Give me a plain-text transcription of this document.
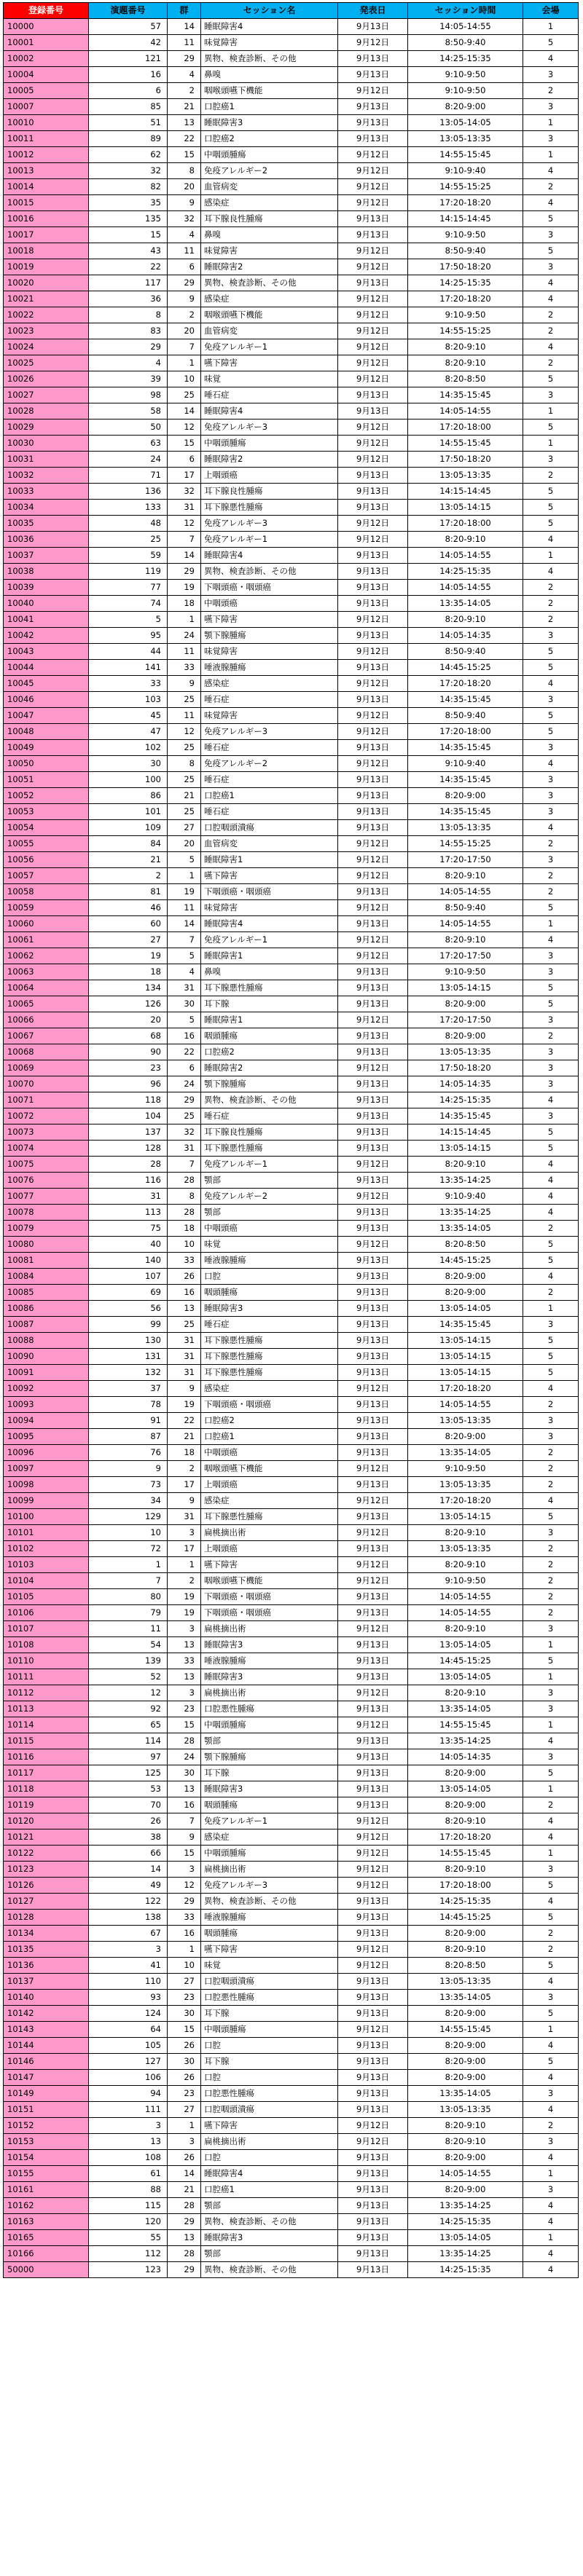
登録番号	演題番号	群	セッション名	発表日	セッション時間	会場
10000	57	14	睡眠障害4	9月13日	14:05-14:55	1
10001	42	11	味覚障害	9月12日	8:50-9:40	5
10002	121	29	異物、検査診断、その他	9月13日	14:25-15:35	4
10004	16	4	鼻嗅	9月13日	9:10-9:50	3
10005	6	2	咽喉頭嚥下機能	9月12日	9:10-9:50	2
10007	85	21	口腔癌1	9月13日	8:20-9:00	3
10010	51	13	睡眠障害3	9月13日	13:05-14:05	1
10011	89	22	口腔癌2	9月13日	13:05-13:35	3
10012	62	15	中咽頭腫瘍	9月12日	14:55-15:45	1
10013	32	8	免疫アレルギー2	9月12日	9:10-9:40	4
10014	82	20	血管病変	9月12日	14:55-15:25	2
10015	35	9	感染症	9月12日	17:20-18:20	4
10016	135	32	耳下腺良性腫瘍	9月13日	14:15-14:45	5
10017	15	4	鼻嗅	9月13日	9:10-9:50	3
10018	43	11	味覚障害	9月12日	8:50-9:40	5
10019	22	6	睡眠障害2	9月12日	17:50-18:20	3
10020	117	29	異物、検査診断、その他	9月13日	14:25-15:35	4
10021	36	9	感染症	9月12日	17:20-18:20	4
10022	8	2	咽喉頭嚥下機能	9月12日	9:10-9:50	2
10023	83	20	血管病変	9月12日	14:55-15:25	2
10024	29	7	免疫アレルギー1	9月12日	8:20-9:10	4
10025	4	1	嚥下障害	9月12日	8:20-9:10	2
10026	39	10	味覚	9月12日	8:20-8:50	5
10027	98	25	唾石症	9月13日	14:35-15:45	3
10028	58	14	睡眠障害4	9月13日	14:05-14:55	1
10029	50	12	免疫アレルギー3	9月12日	17:20-18:00	5
10030	63	15	中咽頭腫瘍	9月12日	14:55-15:45	1
10031	24	6	睡眠障害2	9月12日	17:50-18:20	3
10032	71	17	上咽頭癌	9月13日	13:05-13:35	2
10033	136	32	耳下腺良性腫瘍	9月13日	14:15-14:45	5
10034	133	31	耳下腺悪性腫瘍	9月13日	13:05-14:15	5
10035	48	12	免疫アレルギー3	9月12日	17:20-18:00	5
10036	25	7	免疫アレルギー1	9月12日	8:20-9:10	4
10037	59	14	睡眠障害4	9月13日	14:05-14:55	1
10038	119	29	異物、検査診断、その他	9月13日	14:25-15:35	4
10039	77	19	下咽頭癌・咽頭癌	9月13日	14:05-14:55	2
10040	74	18	中咽頭癌	9月13日	13:35-14:05	2
10041	5	1	嚥下障害	9月12日	8:20-9:10	2
10042	95	24	顎下腺腫瘍	9月13日	14:05-14:35	3
10043	44	11	味覚障害	9月12日	8:50-9:40	5
10044	141	33	唾液腺腫瘍	9月13日	14:45-15:25	5
10045	33	9	感染症	9月12日	17:20-18:20	4
10046	103	25	唾石症	9月13日	14:35-15:45	3
10047	45	11	味覚障害	9月12日	8:50-9:40	5
10048	47	12	免疫アレルギー3	9月12日	17:20-18:00	5
10049	102	25	唾石症	9月13日	14:35-15:45	3
10050	30	8	免疫アレルギー2	9月12日	9:10-9:40	4
10051	100	25	唾石症	9月13日	14:35-15:45	3
10052	86	21	口腔癌1	9月13日	8:20-9:00	3
10053	101	25	唾石症	9月13日	14:35-15:45	3
10054	109	27	口腔咽頭潰瘍	9月13日	13:05-13:35	4
10055	84	20	血管病変	9月12日	14:55-15:25	2
10056	21	5	睡眠障害1	9月12日	17:20-17:50	3
10057	2	1	嚥下障害	9月12日	8:20-9:10	2
10058	81	19	下咽頭癌・咽頭癌	9月13日	14:05-14:55	2
10059	46	11	味覚障害	9月12日	8:50-9:40	5
10060	60	14	睡眠障害4	9月13日	14:05-14:55	1
10061	27	7	免疫アレルギー1	9月12日	8:20-9:10	4
10062	19	5	睡眠障害1	9月12日	17:20-17:50	3
10063	18	4	鼻嗅	9月13日	9:10-9:50	3
10064	134	31	耳下腺悪性腫瘍	9月13日	13:05-14:15	5
10065	126	30	耳下腺	9月13日	8:20-9:00	5
10066	20	5	睡眠障害1	9月12日	17:20-17:50	3
10067	68	16	咽頭腫瘍	9月13日	8:20-9:00	2
10068	90	22	口腔癌2	9月13日	13:05-13:35	3
10069	23	6	睡眠障害2	9月12日	17:50-18:20	3
10070	96	24	顎下腺腫瘍	9月13日	14:05-14:35	3
10071	118	29	異物、検査診断、その他	9月13日	14:25-15:35	4
10072	104	25	唾石症	9月13日	14:35-15:45	3
10073	137	32	耳下腺良性腫瘍	9月13日	14:15-14:45	5
10074	128	31	耳下腺悪性腫瘍	9月13日	13:05-14:15	5
10075	28	7	免疫アレルギー1	9月12日	8:20-9:10	4
10076	116	28	顎部	9月13日	13:35-14:25	4
10077	31	8	免疫アレルギー2	9月12日	9:10-9:40	4
10078	113	28	顎部	9月13日	13:35-14:25	4
10079	75	18	中咽頭癌	9月13日	13:35-14:05	2
10080	40	10	味覚	9月12日	8:20-8:50	5
10081	140	33	唾液腺腫瘍	9月13日	14:45-15:25	5
10084	107	26	口腔	9月13日	8:20-9:00	4
10085	69	16	咽頭腫瘍	9月13日	8:20-9:00	2
10086	56	13	睡眠障害3	9月13日	13:05-14:05	1
10087	99	25	唾石症	9月13日	14:35-15:45	3
10088	130	31	耳下腺悪性腫瘍	9月13日	13:05-14:15	5
10090	131	31	耳下腺悪性腫瘍	9月13日	13:05-14:15	5
10091	132	31	耳下腺悪性腫瘍	9月13日	13:05-14:15	5
10092	37	9	感染症	9月12日	17:20-18:20	4
10093	78	19	下咽頭癌・咽頭癌	9月13日	14:05-14:55	2
10094	91	22	口腔癌2	9月13日	13:05-13:35	3
10095	87	21	口腔癌1	9月13日	8:20-9:00	3
10096	76	18	中咽頭癌	9月13日	13:35-14:05	2
10097	9	2	咽喉頭嚥下機能	9月12日	9:10-9:50	2
10098	73	17	上咽頭癌	9月13日	13:05-13:35	2
10099	34	9	感染症	9月12日	17:20-18:20	4
10100	129	31	耳下腺悪性腫瘍	9月13日	13:05-14:15	5
10101	10	3	扁桃摘出術	9月12日	8:20-9:10	3
10102	72	17	上咽頭癌	9月13日	13:05-13:35	2
10103	1	1	嚥下障害	9月12日	8:20-9:10	2
10104	7	2	咽喉頭嚥下機能	9月12日	9:10-9:50	2
10105	80	19	下咽頭癌・咽頭癌	9月13日	14:05-14:55	2
10106	79	19	下咽頭癌・咽頭癌	9月13日	14:05-14:55	2
10107	11	3	扁桃摘出術	9月12日	8:20-9:10	3
10108	54	13	睡眠障害3	9月13日	13:05-14:05	1
10110	139	33	唾液腺腫瘍	9月13日	14:45-15:25	5
10111	52	13	睡眠障害3	9月13日	13:05-14:05	1
10112	12	3	扁桃摘出術	9月12日	8:20-9:10	3
10113	92	23	口腔悪性腫瘍	9月13日	13:35-14:05	3
10114	65	15	中咽頭腫瘍	9月12日	14:55-15:45	1
10115	114	28	顎部	9月13日	13:35-14:25	4
10116	97	24	顎下腺腫瘍	9月13日	14:05-14:35	3
10117	125	30	耳下腺	9月13日	8:20-9:00	5
10118	53	13	睡眠障害3	9月13日	13:05-14:05	1
10119	70	16	咽頭腫瘍	9月13日	8:20-9:00	2
10120	26	7	免疫アレルギー1	9月12日	8:20-9:10	4
10121	38	9	感染症	9月12日	17:20-18:20	4
10122	66	15	中咽頭腫瘍	9月12日	14:55-15:45	1
10123	14	3	扁桃摘出術	9月12日	8:20-9:10	3
10126	49	12	免疫アレルギー3	9月12日	17:20-18:00	5
10127	122	29	異物、検査診断、その他	9月13日	14:25-15:35	4
10128	138	33	唾液腺腫瘍	9月13日	14:45-15:25	5
10134	67	16	咽頭腫瘍	9月13日	8:20-9:00	2
10135	3	1	嚥下障害	9月12日	8:20-9:10	2
10136	41	10	味覚	9月12日	8:20-8:50	5
10137	110	27	口腔咽頭潰瘍	9月13日	13:05-13:35	4
10140	93	23	口腔悪性腫瘍	9月13日	13:35-14:05	3
10142	124	30	耳下腺	9月13日	8:20-9:00	5
10143	64	15	中咽頭腫瘍	9月12日	14:55-15:45	1
10144	105	26	口腔	9月13日	8:20-9:00	4
10146	127	30	耳下腺	9月13日	8:20-9:00	5
10147	106	26	口腔	9月13日	8:20-9:00	4
10149	94	23	口腔悪性腫瘍	9月13日	13:35-14:05	3
10151	111	27	口腔咽頭潰瘍	9月13日	13:05-13:35	4
10152	3	1	嚥下障害	9月12日	8:20-9:10	2
10153	13	3	扁桃摘出術	9月12日	8:20-9:10	3
10154	108	26	口腔	9月13日	8:20-9:00	4
10155	61	14	睡眠障害4	9月13日	14:05-14:55	1
10161	88	21	口腔癌1	9月13日	8:20-9:00	3
10162	115	28	顎部	9月13日	13:35-14:25	4
10163	120	29	異物、検査診断、その他	9月13日	14:25-15:35	4
10165	55	13	睡眠障害3	9月13日	13:05-14:05	1
10166	112	28	顎部	9月13日	13:35-14:25	4
50000	123	29	異物、検査診断、その他	9月13日	14:25-15:35	4
